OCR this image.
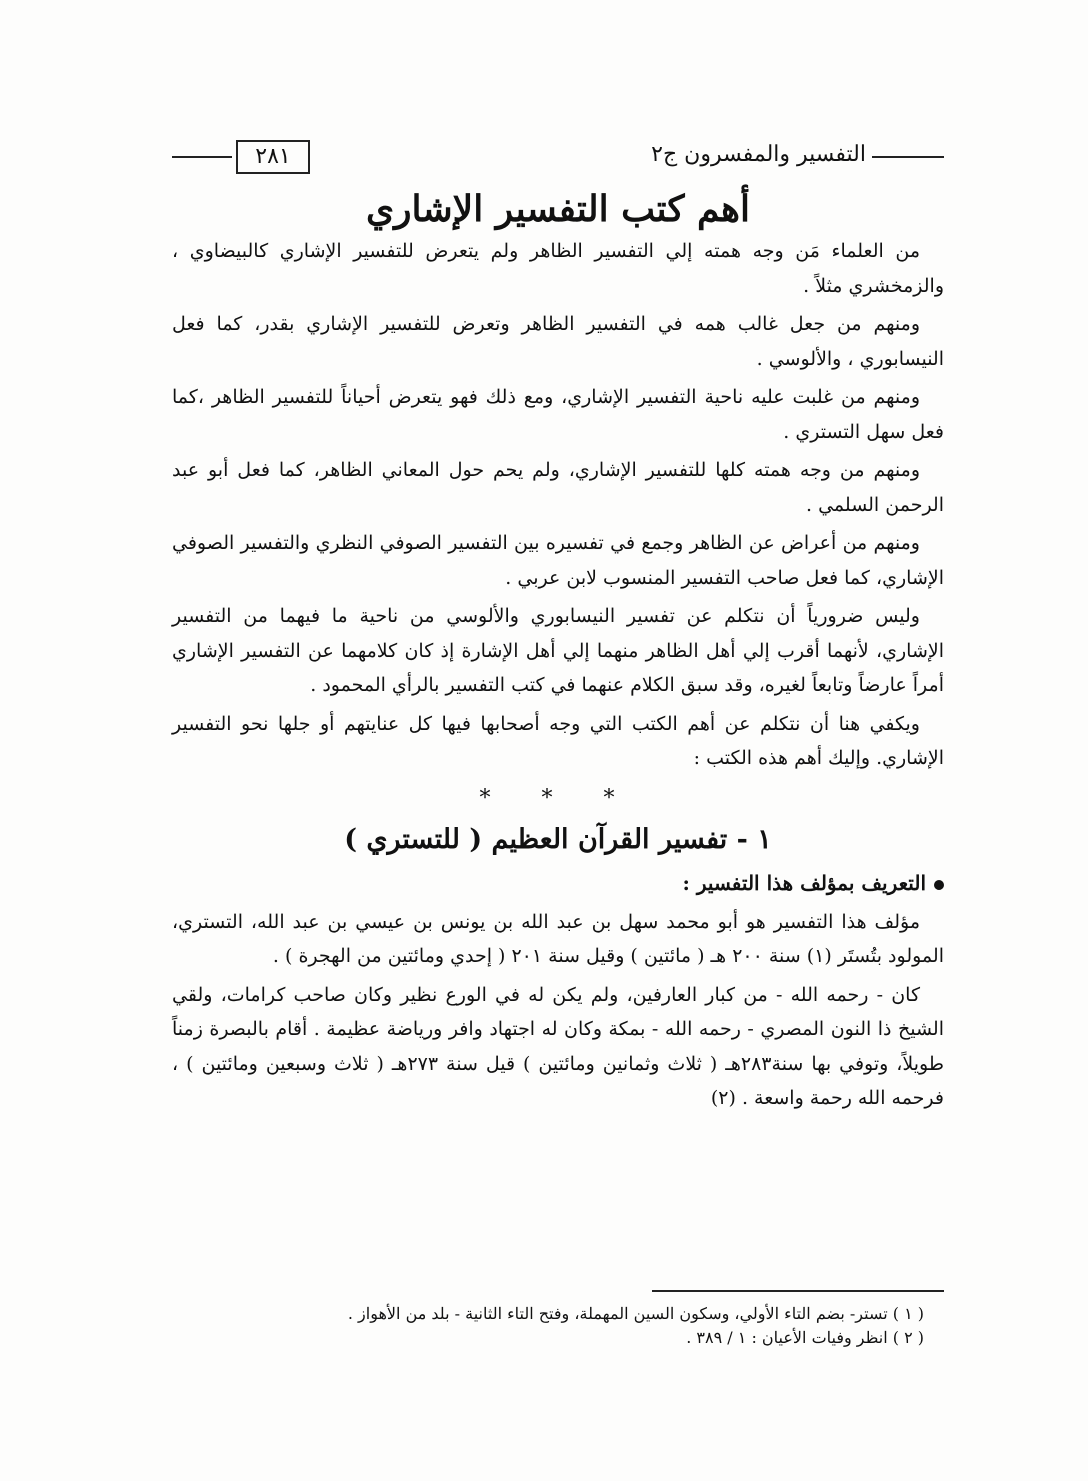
٢٨١	التفسير والمفسرون ج٢
أهم كتب التفسير الإشاري

من العلماء مَن وجه همته إلي التفسير الظاهر ولم يتعرض للتفسير الإشاري كالبيضاوي ، والزمخشري مثلاً .

ومنهم من جعل غالب همه في التفسير الظاهر وتعرض للتفسير الإشاري بقدر، كما فعل النيسابوري ، والألوسي .

ومنهم من غلبت عليه ناحية التفسير الإشاري، ومع ذلك فهو يتعرض أحياناً للتفسير الظاهر ،كما فعل سهل التستري .

ومنهم من وجه همته كلها للتفسير الإشاري، ولم يحم حول المعاني الظاهر، كما فعل أبو عبد الرحمن السلمي .

ومنهم من أعراض عن الظاهر وجمع في تفسيره بين التفسير الصوفي النظري والتفسير الصوفي الإشاري، كما فعل صاحب التفسير المنسوب لابن عربي .

وليس ضرورياً أن نتكلم عن تفسير النيسابوري والألوسي من ناحية ما فيهما من التفسير الإشاري، لأنهما أقرب إلي أهل الظاهر منهما إلي أهل الإشارة إذ كان كلامهما عن التفسير الإشاري أمراً عارضاً وتابعاً لغيره، وقد سبق الكلام عنهما في كتب التفسير بالرأي المحمود .

ويكفي هنا أن نتكلم عن أهم الكتب التي وجه أصحابها فيها كل عنايتهم أو جلها نحو التفسير الإشاري. وإليك أهم هذه الكتب :

* * *
١ - تفسير القرآن العظيم ( للتستري )
التعريف بمؤلف هذا التفسير :

مؤلف هذا التفسير هو أبو محمد سهل بن عبد الله بن يونس بن عيسي بن عبد الله، التستري، المولود بتُستَر (١) سنة ٢٠٠ هـ ( مائتين ) وقيل سنة ٢٠١ ( إحدي ومائتين من الهجرة ) .

كان - رحمه الله - من كبار العارفين، ولم يكن له في الورع نظير وكان صاحب كرامات، ولقي الشيخ ذا النون المصري - رحمه الله - بمكة وكان له اجتهاد وافر ورياضة عظيمة . أقام بالبصرة زمناً طويلاً، وتوفي بها سنة٢٨٣هـ ( ثلاث وثمانين ومائتين ) قيل سنة ٢٧٣هـ ( ثلاث وسبعين ومائتين ) ، فرحمه الله رحمة واسعة . (٢)

( ١ ) تستر- بضم التاء الأولي، وسكون السين المهملة، وفتح التاء الثانية - بلد من الأهواز .
( ٢ ) انظر وفيات الأعيان : ١ / ٣٨٩ .
